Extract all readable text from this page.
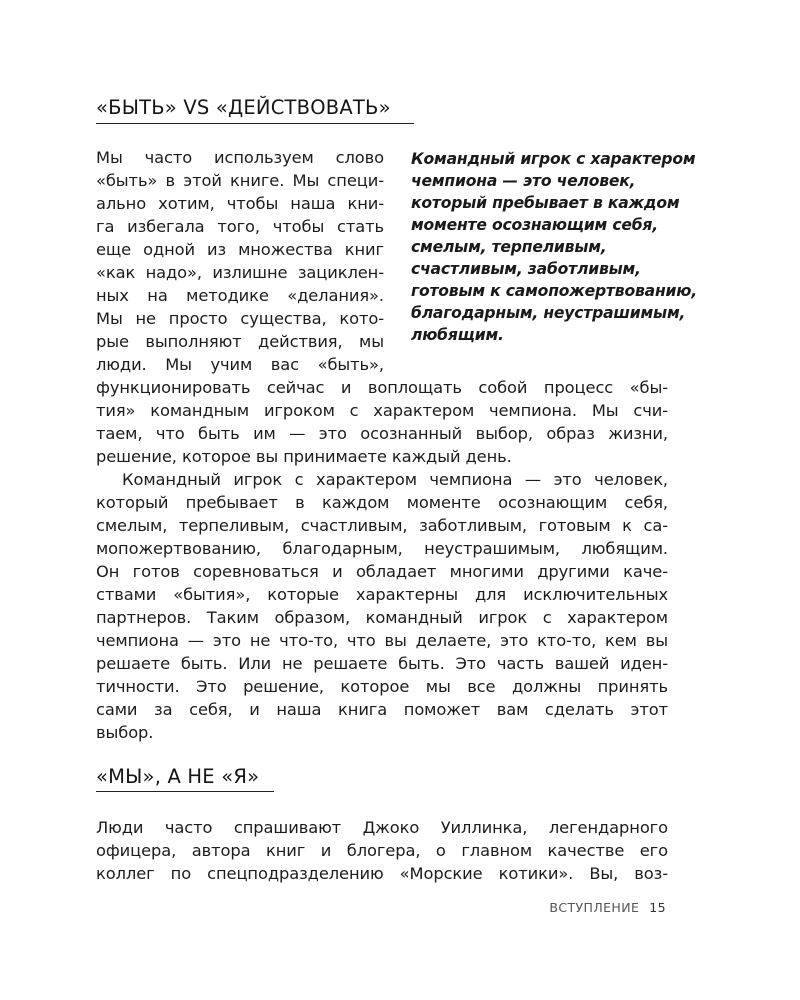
«БЫТЬ» VS «ДЕЙСТВОВАТЬ»
Мы часто используем слово
«быть» в этой книге. Мы специ-
ально хотим, чтобы наша кни-
га избегала того, чтобы стать
еще одной из множества книг
«как надо», излишне зациклен-
ных на методике «делания».
Мы не просто существа, кото-
рые выполняют действия, мы
люди. Мы учим вас «быть»,
Командный игрок с характером
чемпиона — это человек,
который пребывает в каждом
моменте осознающим себя,
смелым, терпеливым,
счастливым, заботливым,
готовым к самопожертвованию,
благодарным, неустрашимым,
любящим.
функционировать сейчас и воплощать собой процесс «бы-
тия» командным игроком с характером чемпиона. Мы счи-
таем, что быть им — это осознанный выбор, образ жизни,
решение, которое вы принимаете каждый день.
Командный игрок с характером чемпиона — это человек,
который пребывает в каждом моменте осознающим себя,
смелым, терпеливым, счастливым, заботливым, готовым к са-
мопожертвованию, благодарным, неустрашимым, любящим.
Он готов соревноваться и обладает многими другими каче-
ствами «бытия», которые характерны для исключительных
партнеров. Таким образом, командный игрок с характером
чемпиона — это не что-то, что вы делаете, это кто-то, кем вы
решаете быть. Или не решаете быть. Это часть вашей иден-
тичности. Это решение, которое мы все должны принять
сами за себя, и наша книга поможет вам сделать этот
выбор.
«МЫ», А НЕ «Я»
Люди часто спрашивают Джоко Уиллинка, легендарного
офицера, автора книг и блогера, о главном качестве его
коллег по спецподразделению «Морские котики». Вы, воз-
ВСТУПЛЕНИЕ 15
